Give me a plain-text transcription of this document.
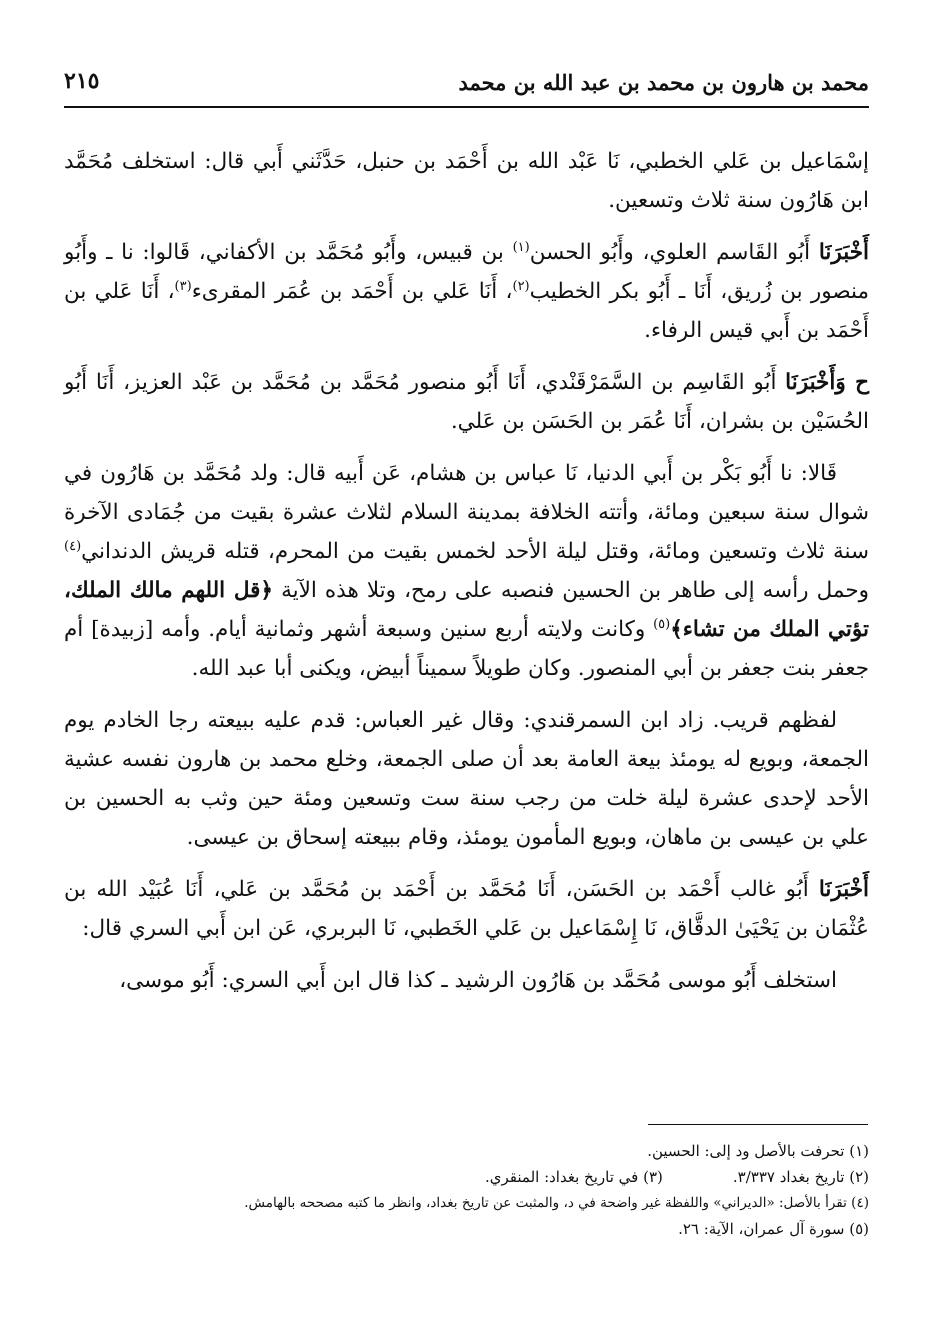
٢١٥	محمد بن هارون بن محمد بن عبد الله بن محمد

إسْمَاعيل بن عَلي الخطبي، نَا عَبْد الله بن أَحْمَد بن حنبل، حَدَّثَني أَبي قال: استخلف مُحَمَّد ابن هَارُون سنة ثلاث وتسعين.

أَخْبَرَنَا أَبُو القَاسم العلوي، وأَبُو الحسن$^{(١)}$ بن قبيس، وأَبُو مُحَمَّد بن الأكفاني، قَالوا: نا ـ وأَبُو منصور بن زُريق، أَنَا ـ أَبُو بكر الخطيب$^{(٢)}$، أَنَا عَلي بن أَحْمَد بن عُمَر المقرىء$^{(٣)}$، أَنَا عَلي بن أَحْمَد بن أَبي قيس الرفاء.

ح وَأَخْبَرَنَا أَبُو القَاسِم بن السَّمَرْقَنْدي، أَنَا أَبُو منصور مُحَمَّد بن مُحَمَّد بن عَبْد العزيز، أَنَا أَبُو الحُسَيْن بن بشران، أَنَا عُمَر بن الحَسَن بن عَلي.

قَالا: نا أَبُو بَكْر بن أَبي الدنيا، نَا عباس بن هشام، عَن أَبيه قال: ولد مُحَمَّد بن هَارُون في شوال سنة سبعين ومائة، وأتته الخلافة بمدينة السلام لثلاث عشرة بقيت من جُمَادى الآخرة سنة ثلاث وتسعين ومائة، وقتل ليلة الأحد لخمس بقيت من المحرم، قتله قريش الدنداني$^{(٤)}$ وحمل رأسه إلى طاهر بن الحسين فنصبه على رمح، وتلا هذه الآية ﴿قل اللهم مالك الملك، تؤتي الملك من تشاء﴾$^{(٥)}$ وكانت ولايته أربع سنين وسبعة أشهر وثمانية أيام. وأمه [زبيدة] أم جعفر بنت جعفر بن أبي المنصور. وكان طويلاً سميناً أبيض، ويكنى أبا عبد الله.

لفظهم قريب. زاد ابن السمرقندي: وقال غير العباس: قدم عليه ببيعته رجا الخادم يوم الجمعة، وبويع له يومئذ بيعة العامة بعد أن صلى الجمعة، وخلع محمد بن هارون نفسه عشية الأحد لإحدى عشرة ليلة خلت من رجب سنة ست وتسعين ومئة حين وثب به الحسين بن علي بن عيسى بن ماهان، وبويع المأمون يومئذ، وقام ببيعته إسحاق بن عيسى.

أَخْبَرَنَا أَبُو غالب أَحْمَد بن الحَسَن، أَنَا مُحَمَّد بن أَحْمَد بن مُحَمَّد بن عَلي، أَنَا عُبَيْد الله بن عُثْمَان بن يَحْيَىٰ الدقَّاق، نَا إِسْمَاعيل بن عَلي الخَطبي، نَا البربري، عَن ابن أَبي السري قال:

استخلف أَبُو موسى مُحَمَّد بن هَارُون الرشيد ـ كذا قال ابن أَبي السري: أَبُو موسى،

(١) تحرفت بالأصل ود إلى: الحسين.

(٢) تاريخ بغداد ٣/٣٣٧.(٣) في تاريخ بغداد: المنقري.

(٤) تقرأ بالأصل: «الديراني» واللفظة غير واضحة في د، والمثبت عن تاريخ بغداد، وانظر ما كتبه مصححه بالهامش.

(٥) سورة آل عمران، الآية: ٢٦.
